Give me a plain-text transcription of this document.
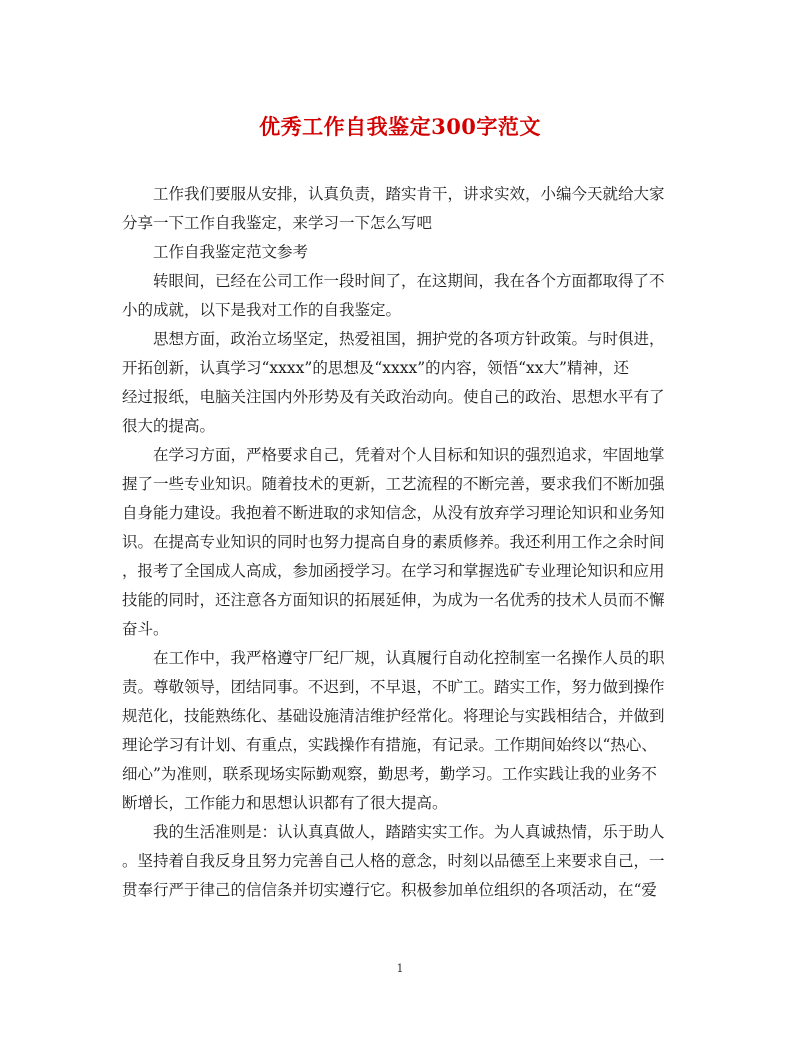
优秀工作自我鉴定300字范文
工作我们要服从安排，认真负责，踏实肯干，讲求实效，小编今天就给大家
分享一下工作自我鉴定，来学习一下怎么写吧
工作自我鉴定范文参考
转眼间，已经在公司工作一段时间了，在这期间，我在各个方面都取得了不
小的成就，以下是我对工作的自我鉴定。
思想方面，政治立场坚定，热爱祖国，拥护党的各项方针政策。与时俱进，
开拓创新，认真学习“xxxx”的思想及“xxxx”的内容，领悟“xx大”精神，还
经过报纸，电脑关注国内外形势及有关政治动向。使自己的政治、思想水平有了
很大的提高。
在学习方面，严格要求自己，凭着对个人目标和知识的强烈追求，牢固地掌
握了一些专业知识。随着技术的更新，工艺流程的不断完善，要求我们不断加强
自身能力建设。我抱着不断进取的求知信念，从没有放弃学习理论知识和业务知
识。在提高专业知识的同时也努力提高自身的素质修养。我还利用工作之余时间
，报考了全国成人高成，参加函授学习。在学习和掌握选矿专业理论知识和应用
技能的同时，还注意各方面知识的拓展延伸，为成为一名优秀的技术人员而不懈
奋斗。
在工作中，我严格遵守厂纪厂规，认真履行自动化控制室一名操作人员的职
责。尊敬领导，团结同事。不迟到，不早退，不旷工。踏实工作，努力做到操作
规范化，技能熟练化、基础设施清洁维护经常化。将理论与实践相结合，并做到
理论学习有计划、有重点，实践操作有措施，有记录。工作期间始终以“热心、
细心”为准则，联系现场实际勤观察，勤思考，勤学习。工作实践让我的业务不
断增长，工作能力和思想认识都有了很大提高。
我的生活准则是：认认真真做人，踏踏实实工作。为人真诚热情，乐于助人
。坚持着自我反身且努力完善自己人格的意念，时刻以品德至上来要求自己，一
贯奉行严于律己的信信条并切实遵行它。积极参加单位组织的各项活动，在“爱
1
